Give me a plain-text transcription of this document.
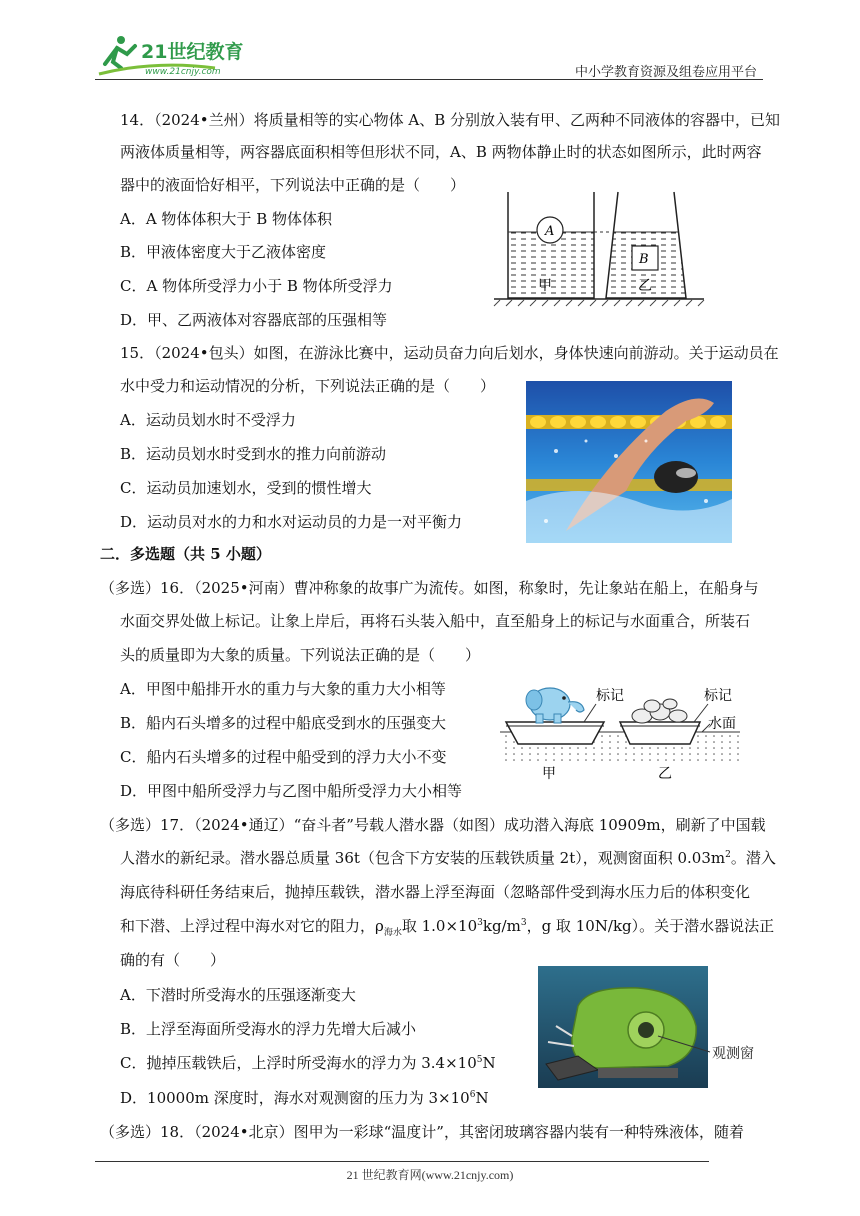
21世纪教育
www.21cnjy.com	中小学教育资源及组卷应用平台
14．（2024•兰州）将质量相等的实心物体 A、B 分别放入装有甲、乙两种不同液体的容器中，已知
两液体质量相等，两容器底面积相等但形状不同，A、B 两物体静止时的状态如图所示，此时两容
器中的液面恰好相平，下列说法中正确的是（　　）
A．A 物体体积大于 B 物体体积
B．甲液体密度大于乙液体密度
C．A 物体所受浮力小于 B 物体所受浮力
D．甲、乙两液体对容器底部的压强相等
A
甲
B
乙
15．（2024•包头）如图，在游泳比赛中，运动员奋力向后划水，身体快速向前游动。关于运动员在
水中受力和运动情况的分析，下列说法正确的是（　　）
A．运动员划水时不受浮力
B．运动员划水时受到水的推力向前游动
C．运动员加速划水，受到的惯性增大
D．运动员对水的力和水对运动员的力是一对平衡力
二．多选题（共 5 小题）
（多选）16．（2025•河南）曹冲称象的故事广为流传。如图，称象时，先让象站在船上，在船身与
水面交界处做上标记。让象上岸后，再将石头装入船中，直至船身上的标记与水面重合，所装石
头的质量即为大象的质量。下列说法正确的是（　　）
A．甲图中船排开水的重力与大象的重力大小相等
B．船内石头增多的过程中船底受到水的压强变大
C．船内石头增多的过程中船受到的浮力大小不变
D．甲图中船所受浮力与乙图中船所受浮力大小相等
标记	标记
水面
甲	乙
（多选）17．（2024•通辽）“奋斗者”号载人潜水器（如图）成功潜入海底 10909m，刷新了中国载
人潜水的新纪录。潜水器总质量 36t（包含下方安装的压载铁质量 2t），观测窗面积 $0.03m^2$。潜入
海底待科研任务结束后，抛掉压载铁，潜水器上浮至海面（忽略部件受到海水压力后的体积变化
和下潜、上浮过程中海水对它的阻力，$\rho_{海水}$取 $1.0\times 10^3kg/m^3$，g 取 10N/kg）。关于潜水器说法正
确的有（　　）
A．下潜时所受海水的压强逐渐变大
B．上浮至海面所受海水的浮力先增大后减小
C．抛掉压载铁后，上浮时所受海水的浮力为 $3.4\times 10^5N$
D．10000m 深度时，海水对观测窗的压力为 $3\times 10^6N$
观测窗
（多选）18．（2024•北京）图甲为一彩球“温度计”，其密闭玻璃容器内装有一种特殊液体，随着
21 世纪教育网(www.21cnjy.com)
